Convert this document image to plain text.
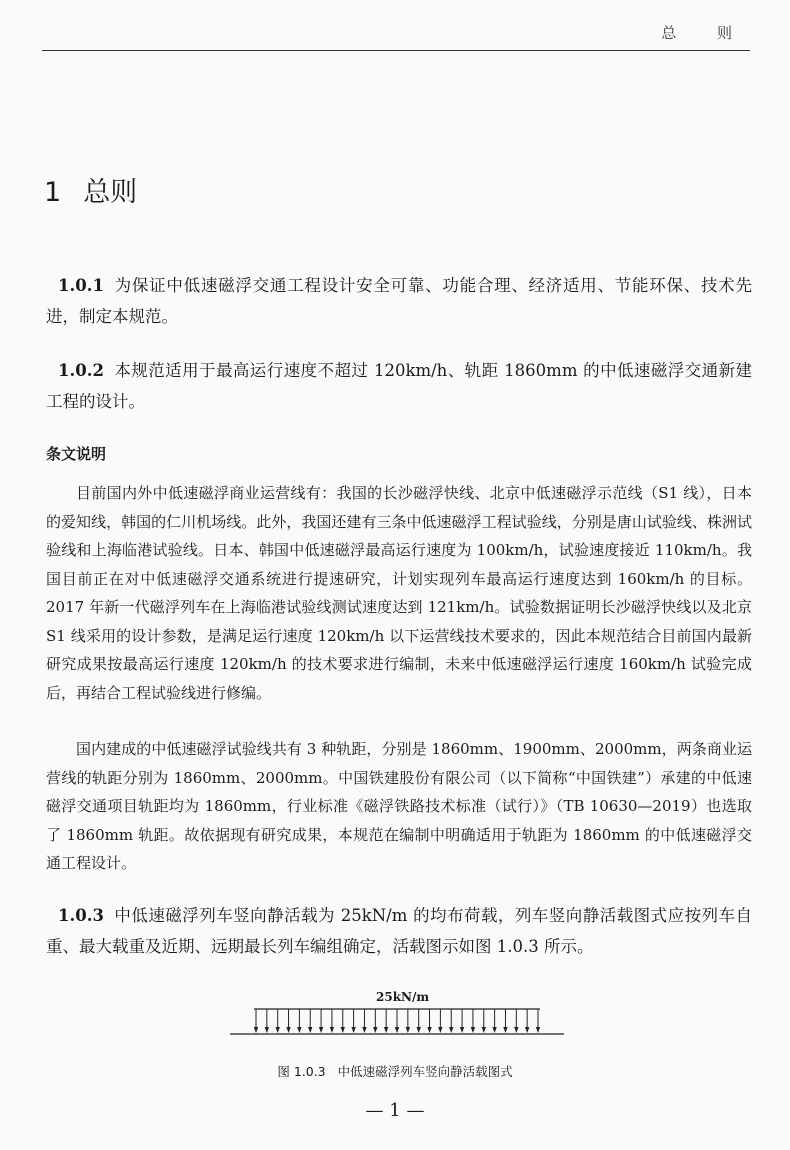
总 则
1 总则
1.0.1 为保证中低速磁浮交通工程设计安全可靠、功能合理、经济适用、节能环保、技术先进，制定本规范。
1.0.2 本规范适用于最高运行速度不超过 120km/h、轨距 1860mm 的中低速磁浮交通新建工程的设计。
条文说明
目前国内外中低速磁浮商业运营线有：我国的长沙磁浮快线、北京中低速磁浮示范线（S1 线），日本的爱知线，韩国的仁川机场线。此外，我国还建有三条中低速磁浮工程试验线，分别是唐山试验线、株洲试验线和上海临港试验线。日本、韩国中低速磁浮最高运行速度为 100km/h，试验速度接近 110km/h。我国目前正在对中低速磁浮交通系统进行提速研究，计划实现列车最高运行速度达到 160km/h 的目标。2017 年新一代磁浮列车在上海临港试验线测试速度达到 121km/h。试验数据证明长沙磁浮快线以及北京 S1 线采用的设计参数，是满足运行速度 120km/h 以下运营线技术要求的，因此本规范结合目前国内最新研究成果按最高运行速度 120km/h 的技术要求进行编制，未来中低速磁浮运行速度 160km/h 试验完成后，再结合工程试验线进行修编。
国内建成的中低速磁浮试验线共有 3 种轨距，分别是 1860mm、1900mm、2000mm，两条商业运营线的轨距分别为 1860mm、2000mm。中国铁建股份有限公司（以下简称“中国铁建”）承建的中低速磁浮交通项目轨距均为 1860mm，行业标准《磁浮铁路技术标准（试行）》（TB 10630—2019）也选取了 1860mm 轨距。故依据现有研究成果，本规范在编制中明确适用于轨距为 1860mm 的中低速磁浮交通工程设计。
1.0.3 中低速磁浮列车竖向静活载为 25kN/m 的均布荷载，列车竖向静活载图式应按列车自重、最大载重及近期、远期最长列车编组确定，活载图示如图 1.0.3 所示。
25kN/m
图 1.0.3 中低速磁浮列车竖向静活载图式
— 1 —
